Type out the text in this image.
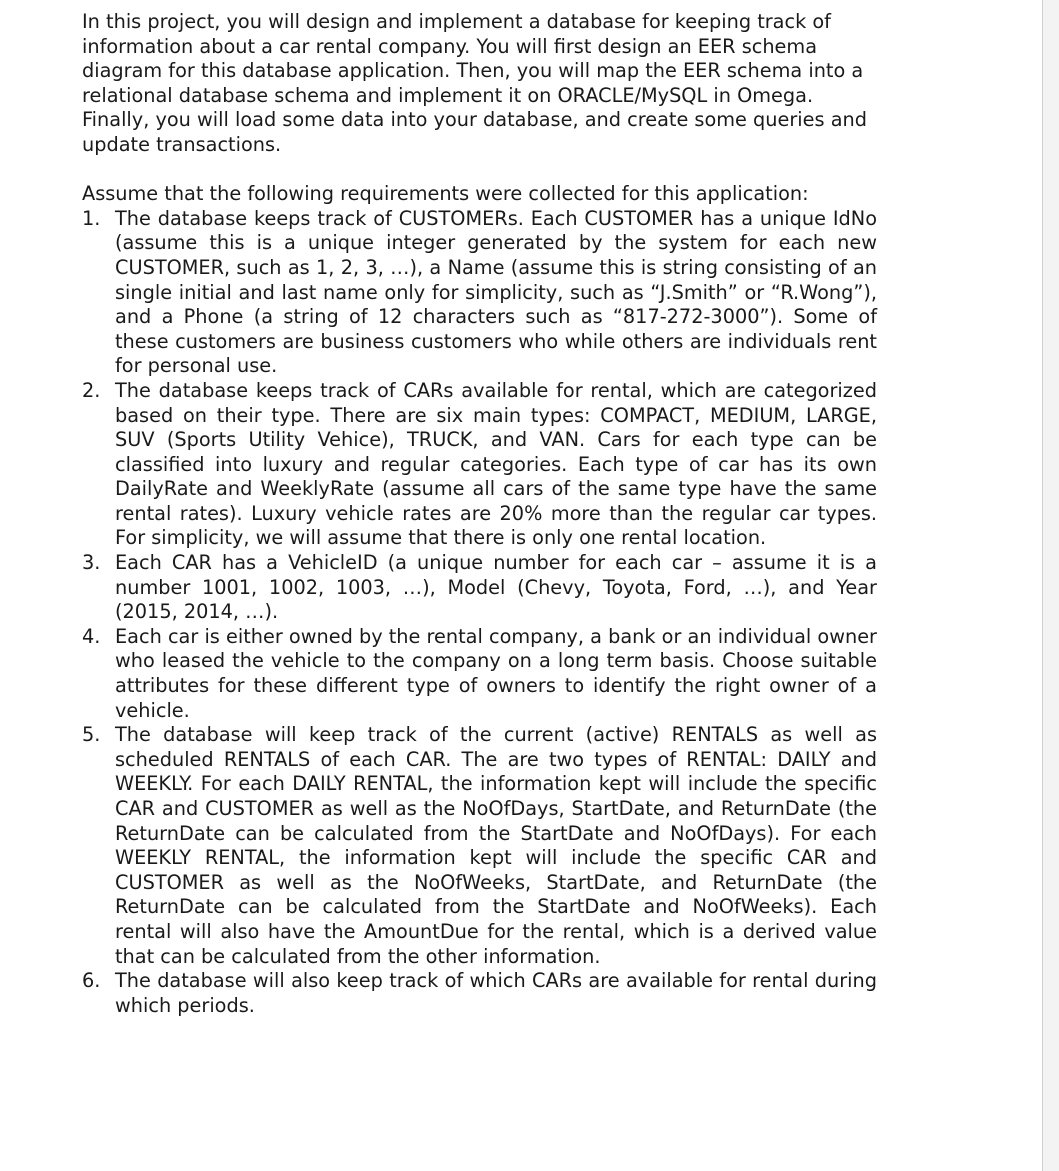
In this project, you will design and implement a database for keeping track of information about a car rental company. You will first design an EER schema diagram for this database application. Then, you will map the EER schema into a relational database schema and implement it on ORACLE/MySQL in Omega. Finally, you will load some data into your database, and create some queries and update transactions.

Assume that the following requirements were collected for this application:

1. The database keeps track of CUSTOMERs. Each CUSTOMER has a unique IdNo (assume this is a unique integer generated by the system for each new CUSTOMER, such as 1, 2, 3, …), a Name (assume this is string consisting of an single initial and last name only for simplicity, such as “J.Smith” or “R.Wong”), and a Phone (a string of 12 characters such as “817-272-3000”). Some of these customers are business customers who while others are individuals rent for personal use.
2. The database keeps track of CARs available for rental, which are categorized based on their type. There are six main types: COMPACT, MEDIUM, LARGE, SUV (Sports Utility Vehice), TRUCK, and VAN. Cars for each type can be classified into luxury and regular categories. Each type of car has its own DailyRate and WeeklyRate (assume all cars of the same type have the same rental rates). Luxury vehicle rates are 20% more than the regular car types. For simplicity, we will assume that there is only one rental location.
3. Each CAR has a VehicleID (a unique number for each car – assume it is a number 1001, 1002, 1003, …), Model (Chevy, Toyota, Ford, …), and Year (2015, 2014, …).
4. Each car is either owned by the rental company, a bank or an individual owner who leased the vehicle to the company on a long term basis. Choose suitable attributes for these different type of owners to identify the right owner of a vehicle.
5. The database will keep track of the current (active) RENTALS as well as scheduled RENTALS of each CAR. The are two types of RENTAL: DAILY and WEEKLY. For each DAILY RENTAL, the information kept will include the specific CAR and CUSTOMER as well as the NoOfDays, StartDate, and ReturnDate (the ReturnDate can be calculated from the StartDate and NoOfDays). For each WEEKLY RENTAL, the information kept will include the specific CAR and CUSTOMER as well as the NoOfWeeks, StartDate, and ReturnDate (the ReturnDate can be calculated from the StartDate and NoOfWeeks). Each rental will also have the AmountDue for the rental, which is a derived value that can be calculated from the other information.
6. The database will also keep track of which CARs are available for rental during which periods.
